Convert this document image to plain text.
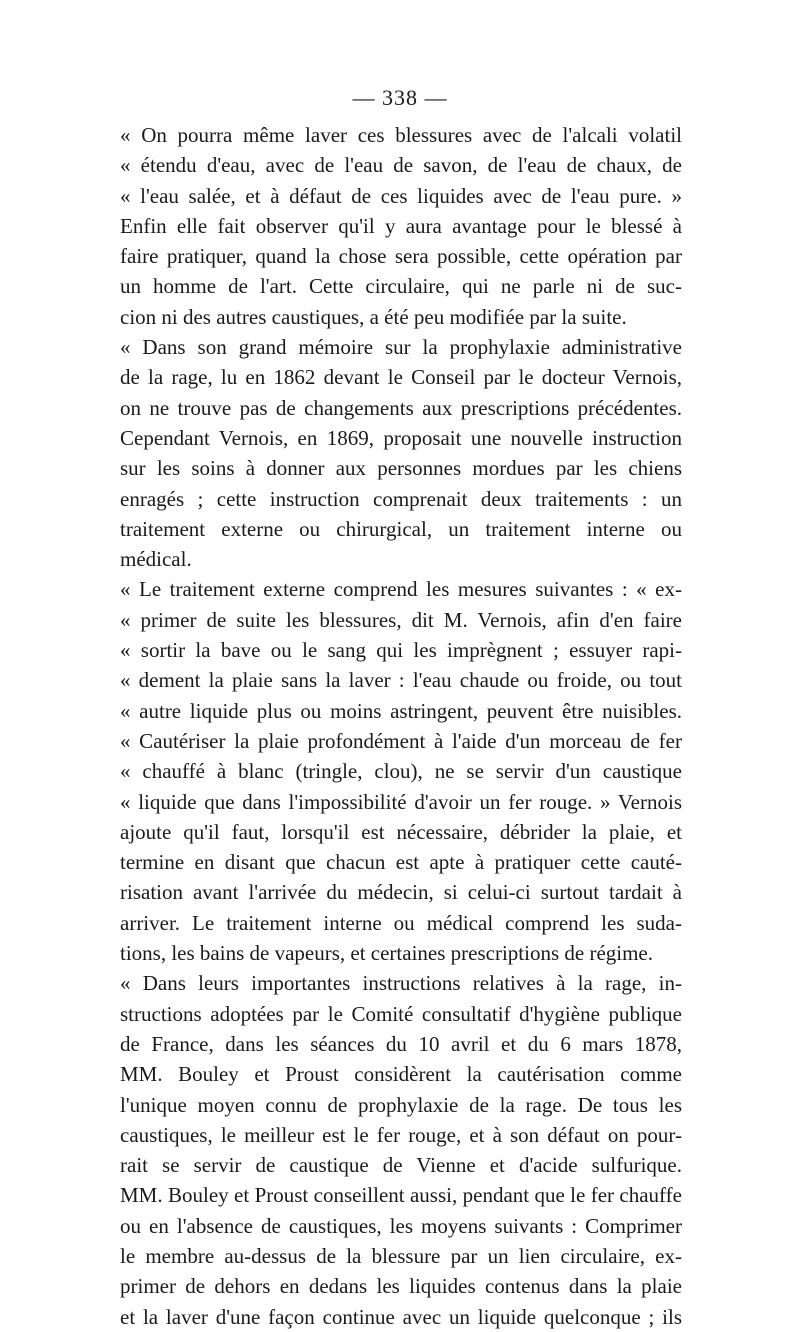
— 338 —
« On pourra même laver ces blessures avec de l'alcali volatil
« étendu d'eau, avec de l'eau de savon, de l'eau de chaux, de
« l'eau salée, et à défaut de ces liquides avec de l'eau pure. »
Enfin elle fait observer qu'il y aura avantage pour le blessé à
faire pratiquer, quand la chose sera possible, cette opération par
un homme de l'art. Cette circulaire, qui ne parle ni de suc-
cion ni des autres caustiques, a été peu modifiée par la suite.
« Dans son grand mémoire sur la prophylaxie administrative
de la rage, lu en 1862 devant le Conseil par le docteur Vernois,
on ne trouve pas de changements aux prescriptions précédentes.
Cependant Vernois, en 1869, proposait une nouvelle instruction
sur les soins à donner aux personnes mordues par les chiens
enragés ; cette instruction comprenait deux traitements : un
traitement externe ou chirurgical, un traitement interne ou
médical.
« Le traitement externe comprend les mesures suivantes : « ex-
« primer de suite les blessures, dit M. Vernois, afin d'en faire
« sortir la bave ou le sang qui les imprègnent ; essuyer rapi-
« dement la plaie sans la laver : l'eau chaude ou froide, ou tout
« autre liquide plus ou moins astringent, peuvent être nuisibles.
« Cautériser la plaie profondément à l'aide d'un morceau de fer
« chauffé à blanc (tringle, clou), ne se servir d'un caustique
« liquide que dans l'impossibilité d'avoir un fer rouge. » Vernois
ajoute qu'il faut, lorsqu'il est nécessaire, débrider la plaie, et
termine en disant que chacun est apte à pratiquer cette cauté-
risation avant l'arrivée du médecin, si celui-ci surtout tardait à
arriver. Le traitement interne ou médical comprend les suda-
tions, les bains de vapeurs, et certaines prescriptions de régime.
« Dans leurs importantes instructions relatives à la rage, in-
structions adoptées par le Comité consultatif d'hygiène publique
de France, dans les séances du 10 avril et du 6 mars 1878,
MM. Bouley et Proust considèrent la cautérisation comme
l'unique moyen connu de prophylaxie de la rage. De tous les
caustiques, le meilleur est le fer rouge, et à son défaut on pour-
rait se servir de caustique de Vienne et d'acide sulfurique.
MM. Bouley et Proust conseillent aussi, pendant que le fer chauffe
ou en l'absence de caustiques, les moyens suivants : Comprimer
le membre au-dessus de la blessure par un lien circulaire, ex-
primer de dehors en dedans les liquides contenus dans la plaie
et la laver d'une façon continue avec un liquide quelconque ; ils
